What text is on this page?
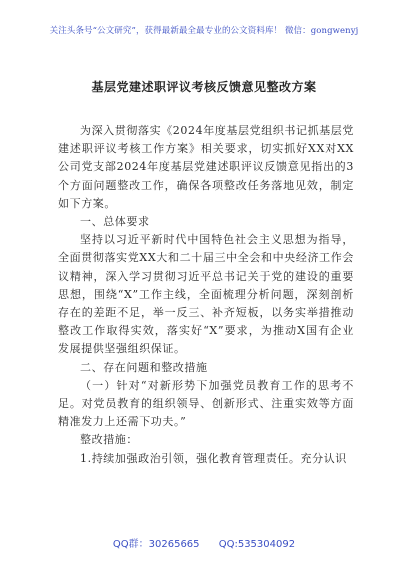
关注头条号“公文研究”，获得最新最全最专业的公文资料库！ 微信：gongwenyj
基层党建述职评议考核反馈意见整改方案

为深入贯彻落实《2024年度基层党组织书记抓基层党建述职评议考核工作方案》相关要求，切实抓好XX对XX公司党支部2024年度基层党建述职评议反馈意见指出的3个方面问题整改工作，确保各项整改任务落地见效，制定如下方案。

一、总体要求

坚持以习近平新时代中国特色社会主义思想为指导，全面贯彻落实党XX大和二十届三中全会和中央经济工作会议精神，深入学习贯彻习近平总书记关于党的建设的重要思想，围绕“X”工作主线，全面梳理分析问题，深刻剖析存在的差距不足，举一反三、补齐短板，以务实举措推动整改工作取得实效，落实好“X”要求，为推动X国有企业发展提供坚强组织保证。

二、存在问题和整改措施

（一）针对“对新形势下加强党员教育工作的思考不足。对党员教育的组织领导、创新形式、注重实效等方面精准发力上还需下功夫。”

整改措施：

1.持续加强政治引领，强化教育管理责任。充分认识

QQ群：30265665 QQ:535304092
